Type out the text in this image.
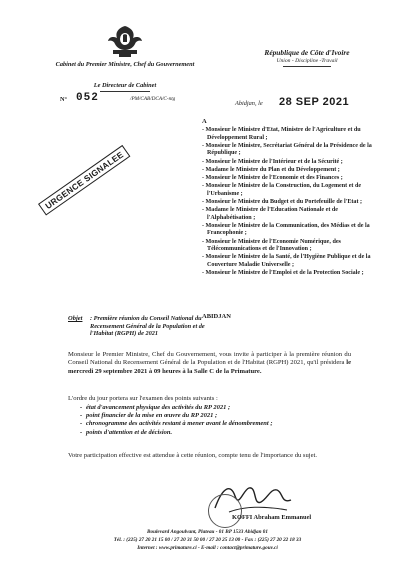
Cabinet du Premier Ministre, Chef du Gouvernement
République de Côte d'Ivoire
Union - Discipline -Travail
Le Directeur de Cabinet
N° 052	/PM/CAB/DCA/C-ntg
Abidjan, le 28 SEP 2021
A
- Monsieur le Ministre d'Etat, Ministre de l'Agriculture et du Développement Rural ;
- Monsieur le Ministre, Secrétariat Général de la Présidence de la République ;
- Monsieur le Ministre de l'Intérieur et de la Sécurité ;
- Madame le Ministre du Plan et du Développement ;
- Monsieur le Ministre de l'Economie et des Finances ;
- Monsieur le Ministre de la Construction, du Logement et de l'Urbanisme ;
- Monsieur le Ministre du Budget et du Portefeuille de l'Etat ;
- Madame le Ministre de l'Education Nationale et de l'Alphabétisation ;
- Monsieur le Ministre de la Communication, des Médias et de la Francophonie ;
- Monsieur le Ministre de l'Economie Numérique, des Télécommunications et de l'Innovation ;
- Monsieur le Ministre de la Santé, de l'Hygiène Publique et de la Couverture Maladie Universelle ;
- Monsieur le Ministre de l'Emploi et de la Protection Sociale ;
ABIDJAN
URGENCE SIGNALEE
Objet : Première réunion du Conseil National du Recensement Général de la Population et de l'Habitat (RGPH) de 2021
Monsieur le Premier Ministre, Chef du Gouvernement, vous invite à participer à la première réunion du Conseil National du Recensement Général de la Population et de l'Habitat (RGPH) 2021, qu'il présidera le mercredi 29 septembre 2021 à 09 heures à la Salle C de la Primature.
L'ordre du jour portera sur l'examen des points suivants :
- état d'avancement physique des activités du RP 2021 ;
- point financier de la mise en œuvre du RP 2021 ;
- chronogramme des activités restant à mener avant le dénombrement ;
- points d'attention et de décision.
Votre participation effective est attendue à cette réunion, compte tenu de l'importance du sujet.
KOFFI Abraham Emmanuel
Boulevard Angoulvant, Plateau - 01 BP 1533 Abidjan 01
Tél. : (225) 27 20 21 15 00 / 27 20 31 50 00 / 27 20 25 13 00 - Fax : (225) 27 20 22 18 33
Internet : www.primature.ci - E-mail : contact@primature.gouv.ci
